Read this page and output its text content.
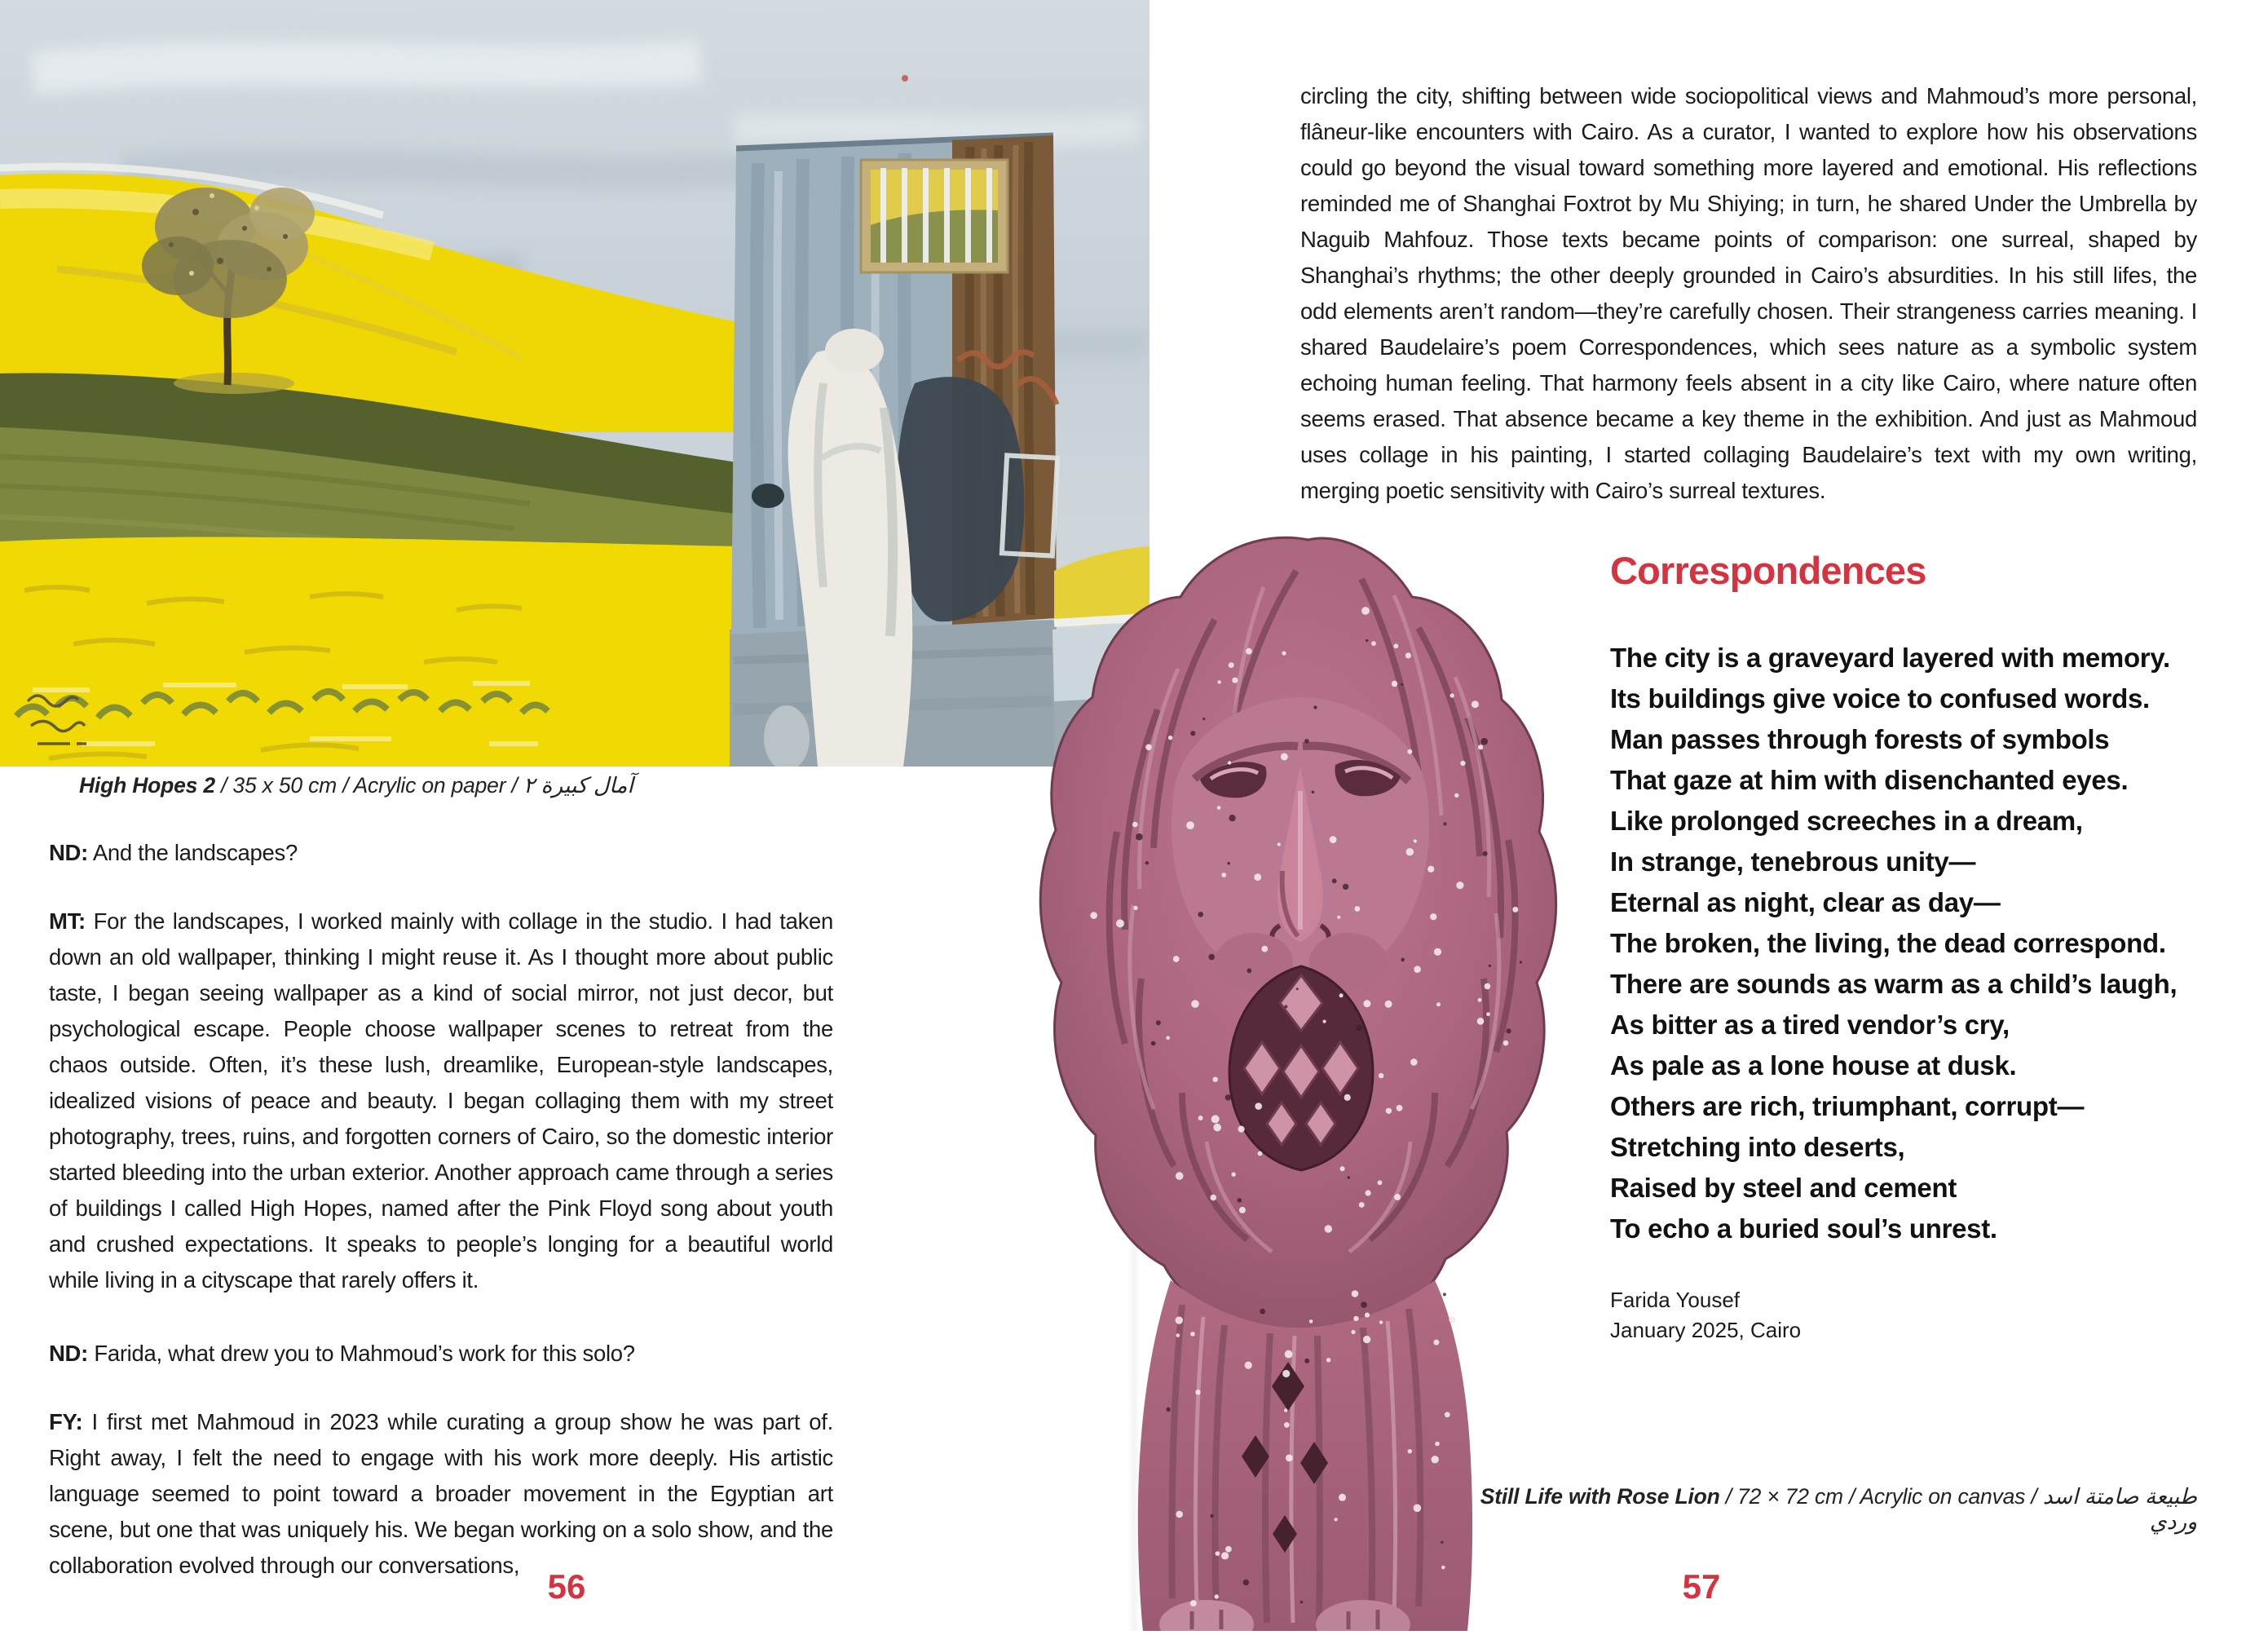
High Hopes 2 / 35 x 50 cm / Acrylic on paper / آمال كبيرة ٢
ND: And the landscapes?
MT: For the landscapes, I worked mainly with collage in the studio. I had taken down an old wallpaper, thinking I might reuse it. As I thought more about public taste, I began seeing wallpaper as a kind of social mirror, not just decor, but psychological escape. People choose wallpaper scenes to retreat from the chaos outside. Often, it’s these lush, dreamlike, European-style landscapes, idealized visions of peace and beauty. I began collaging them with my street photography, trees, ruins, and forgotten corners of Cairo, so the domestic interior started bleeding into the urban exterior. Another approach came through a series of buildings I called High Hopes, named after the Pink Floyd song about youth and crushed expectations. It speaks to people’s longing for a beautiful world while living in a cityscape that rarely offers it.
ND: Farida, what drew you to Mahmoud’s work for this solo?
FY: I first met Mahmoud in 2023 while curating a group show he was part of. Right away, I felt the need to engage with his work more deeply. His artistic language seemed to point toward a broader movement in the Egyptian art scene, but one that was uniquely his. We began working on a solo show, and the collaboration evolved through our conversations,
56
circling the city, shifting between wide sociopolitical views and Mahmoud’s more personal, flâneur-like encounters with Cairo. As a curator, I wanted to explore how his observations could go beyond the visual toward something more layered and emotional. His reflections reminded me of Shanghai Foxtrot by Mu Shiying; in turn, he shared Under the Umbrella by Naguib Mahfouz. Those texts became points of comparison: one surreal, shaped by Shanghai’s rhythms; the other deeply grounded in Cairo’s absurdities. In his still lifes, the odd elements aren’t random—they’re carefully chosen. Their strangeness carries meaning. I shared Baudelaire’s poem Correspondences, which sees nature as a symbolic system echoing human feeling. That harmony feels absent in a city like Cairo, where nature often seems erased. That absence became a key theme in the exhibition. And just as Mahmoud uses collage in his painting, I started collaging Baudelaire’s text with my own writing, merging poetic sensitivity with Cairo’s surreal textures.
Correspondences
The city is a graveyard layered with memory.
Its buildings give voice to confused words.
Man passes through forests of symbols
That gaze at him with disenchanted eyes.
Like prolonged screeches in a dream,
In strange, tenebrous unity—
Eternal as night, clear as day—
The broken, the living, the dead correspond.
There are sounds as warm as a child’s laugh,
As bitter as a tired vendor’s cry,
As pale as a lone house at dusk.
Others are rich, triumphant, corrupt—
Stretching into deserts,
Raised by steel and cement
To echo a buried soul’s unrest.
Farida Yousef
January 2025, Cairo
Still Life with Rose Lion / 72 × 72 cm / Acrylic on canvas / طبيعة صامتة اسد وردي
57
